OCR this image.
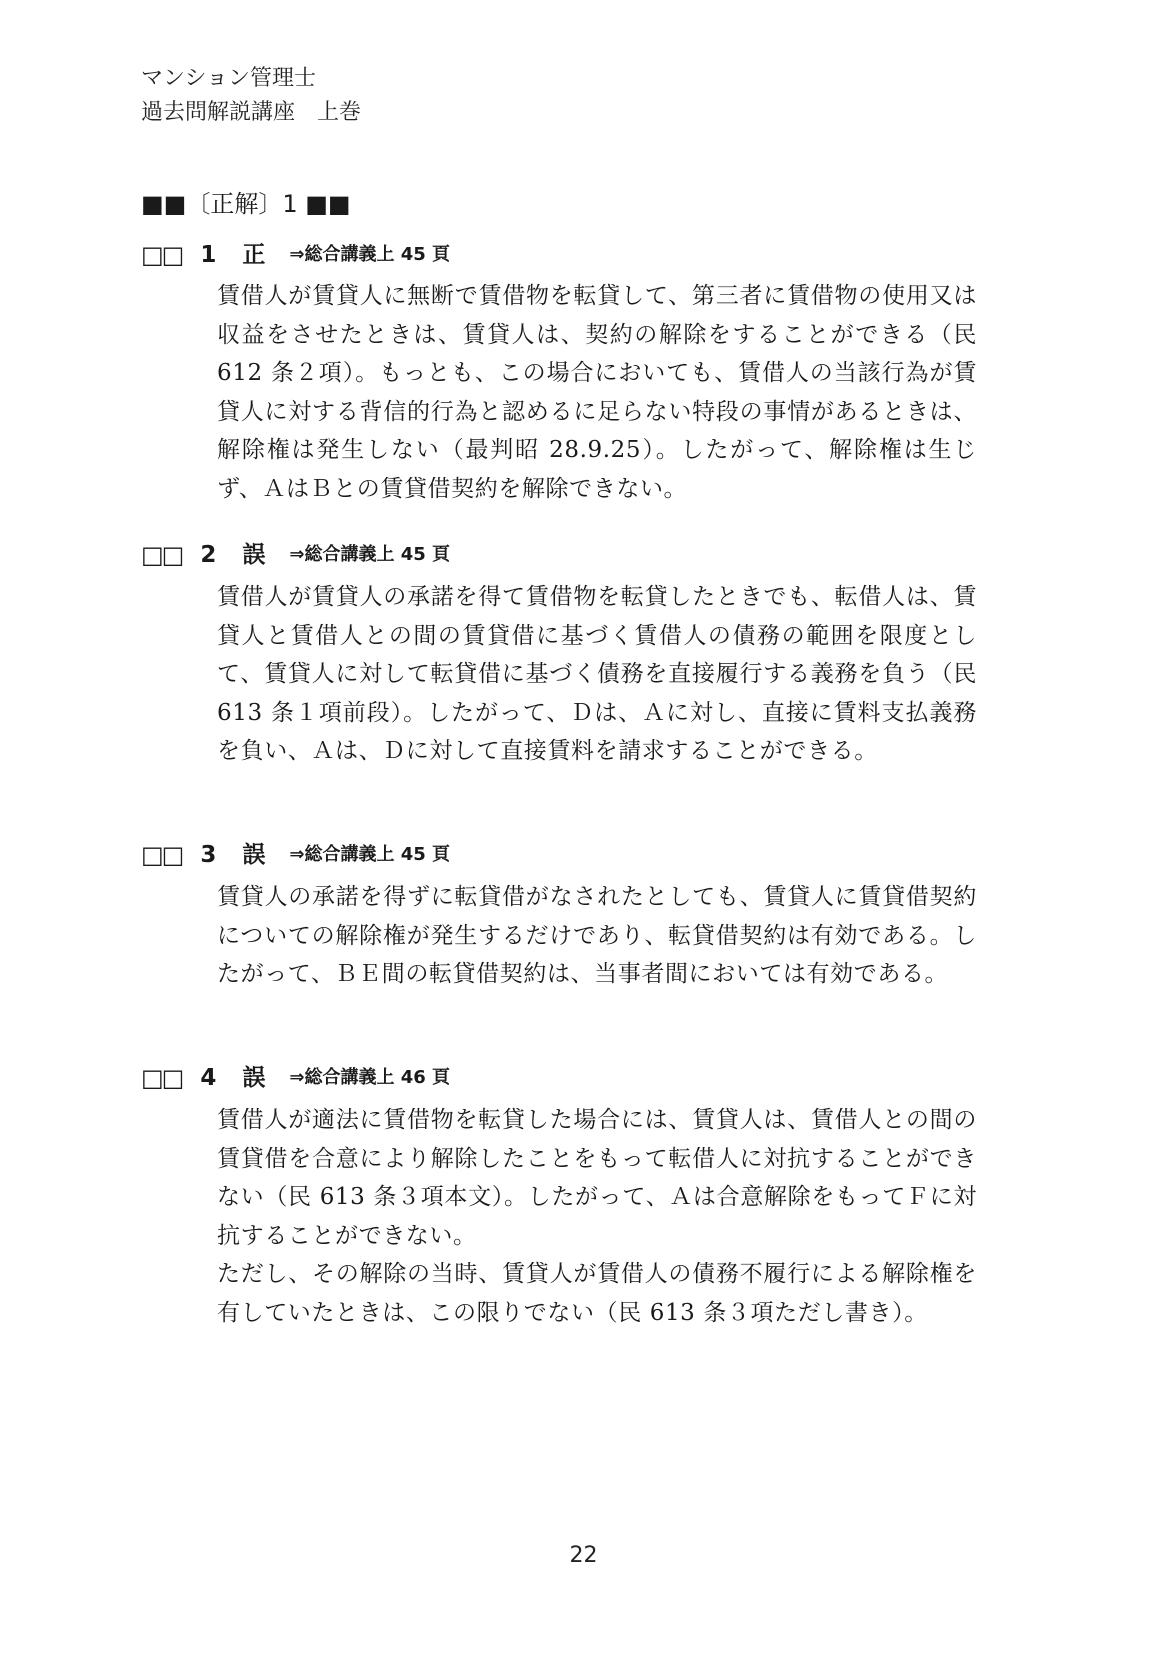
マンション管理士
過去問解説講座　上巻
■■〔正解〕1 ■■
□□ 1	正 ⇒総合講義上 45 頁

賃借人が賃貸人に無断で賃借物を転貸して、第三者に賃借物の使用又は収益をさせたときは、賃貸人は、契約の解除をすることができる（民 612 条２項）。もっとも、この場合においても、賃借人の当該行為が賃貸人に対する背信的行為と認めるに足らない特段の事情があるときは、解除権は発生しない（最判昭 28.9.25）。したがって、解除権は生じず、ＡはＢとの賃貸借契約を解除できない。

□□ 2	誤 ⇒総合講義上 45 頁

賃借人が賃貸人の承諾を得て賃借物を転貸したときでも、転借人は、賃貸人と賃借人との間の賃貸借に基づく賃借人の債務の範囲を限度として、賃貸人に対して転貸借に基づく債務を直接履行する義務を負う（民 613 条１項前段）。したがって、Ｄは、Ａに対し、直接に賃料支払義務を負い、Ａは、Ｄに対して直接賃料を請求することができる。

□□ 3	誤 ⇒総合講義上 45 頁

賃貸人の承諾を得ずに転貸借がなされたとしても、賃貸人に賃貸借契約についての解除権が発生するだけであり、転貸借契約は有効である。したがって、ＢＥ間の転貸借契約は、当事者間においては有効である。

□□ 4	誤 ⇒総合講義上 46 頁

賃借人が適法に賃借物を転貸した場合には、賃貸人は、賃借人との間の賃貸借を合意により解除したことをもって転借人に対抗することができない（民 613 条３項本文）。したがって、Ａは合意解除をもってＦに対抗することができない。

ただし、その解除の当時、賃貸人が賃借人の債務不履行による解除権を有していたときは、この限りでない（民 613 条３項ただし書き）。

22
